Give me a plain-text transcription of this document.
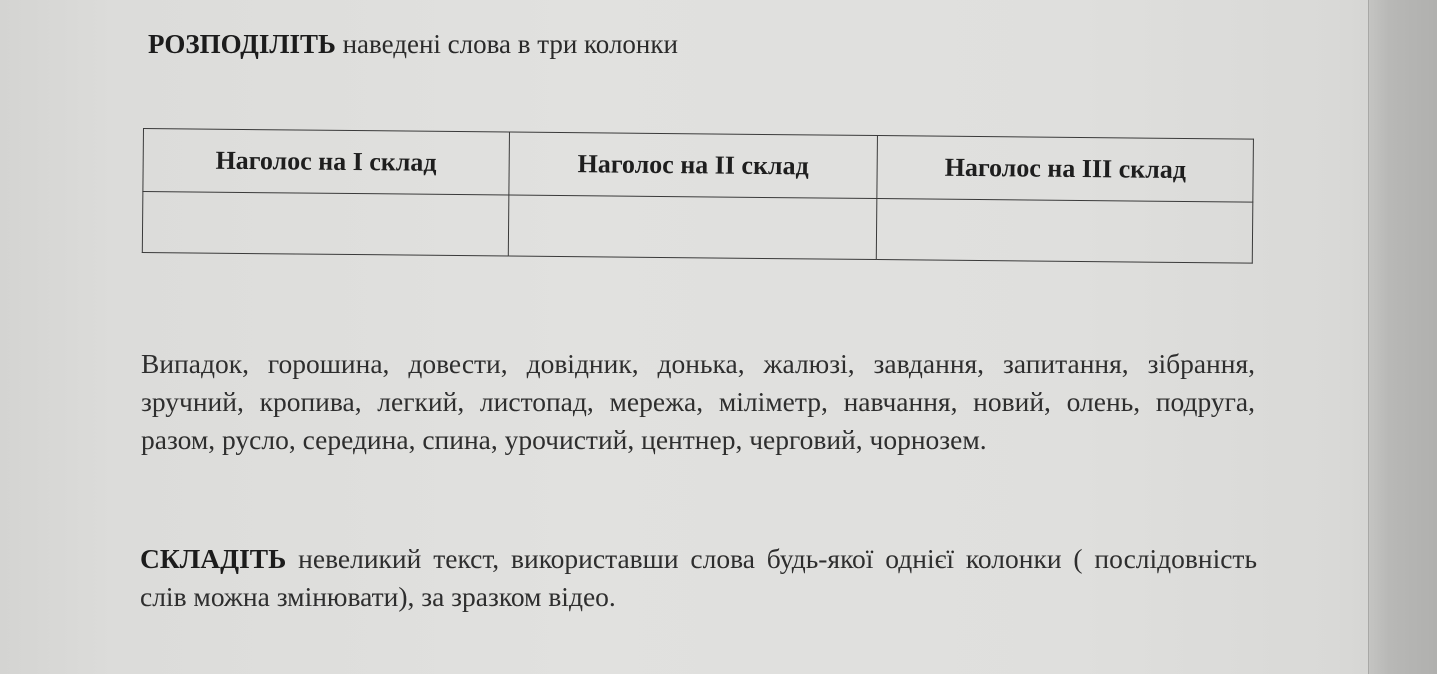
РОЗПОДІЛІТЬ наведені слова в три колонки
Наголос на І склад	Наголос на ІІ склад	Наголос на ІІІ склад

Випадок, горошина, довести, довідник, донька, жалюзі, завдання, запитання, зібрання, зручний, кропива, легкий, листопад, мережа, міліметр, навчання, новий, олень, подруга, разом, русло, середина, спина, урочистий, центнер, черговий, чорнозем.
СКЛАДІТЬ невеликий текст, використавши слова будь-якої однієї колонки ( послідовність слів можна змінювати), за зразком відео.
